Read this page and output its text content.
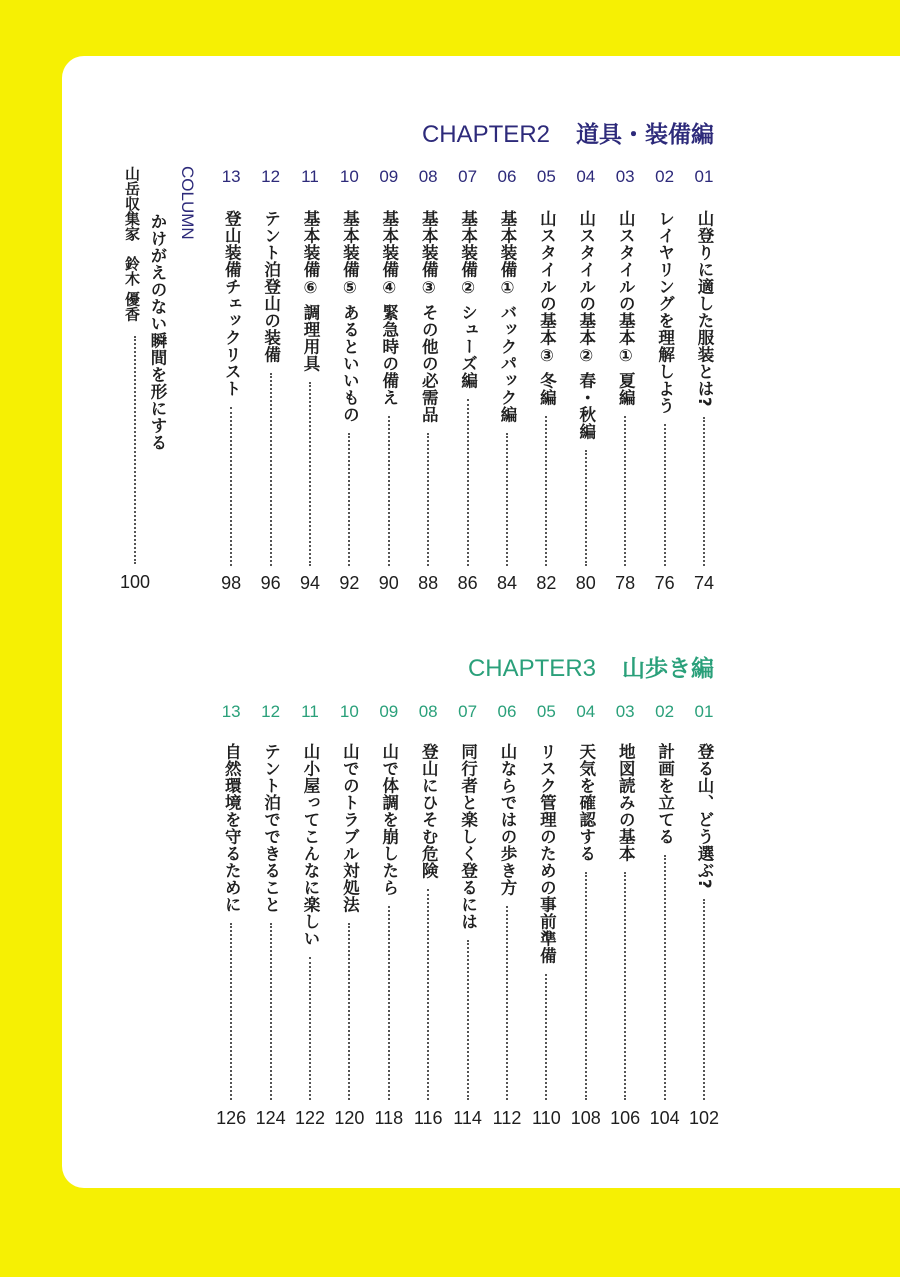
CHAPTER2 道具・装備編
01
山登りに適した服装とは?
74
02
レイヤリングを理解しよう
76
03
山スタイルの基本① 夏編
78
04
山スタイルの基本② 春・秋編
80
05
山スタイルの基本③ 冬編
82
06
基本装備① バックパック編
84
07
基本装備② シューズ編
86
08
基本装備③ その他の必需品
88
09
基本装備④ 緊急時の備え
90
10
基本装備⑤ あるといいもの
92
11
基本装備⑥ 調理用具
94
12
テント泊登山の装備
96
13
登山装備チェックリスト
98
COLUMN
かけがえのない瞬間を形にする
山岳収集家　鈴木 優香
100
CHAPTER3 山歩き編
01
登る山、どう選ぶ?
102
02
計画を立てる
104
03
地図読みの基本
106
04
天気を確認する
108
05
リスク管理のための事前準備
110
06
山ならではの歩き方
112
07
同行者と楽しく登るには
114
08
登山にひそむ危険
116
09
山で体調を崩したら
118
10
山でのトラブル対処法
120
11
山小屋ってこんなに楽しい
122
12
テント泊でできること
124
13
自然環境を守るために
126
